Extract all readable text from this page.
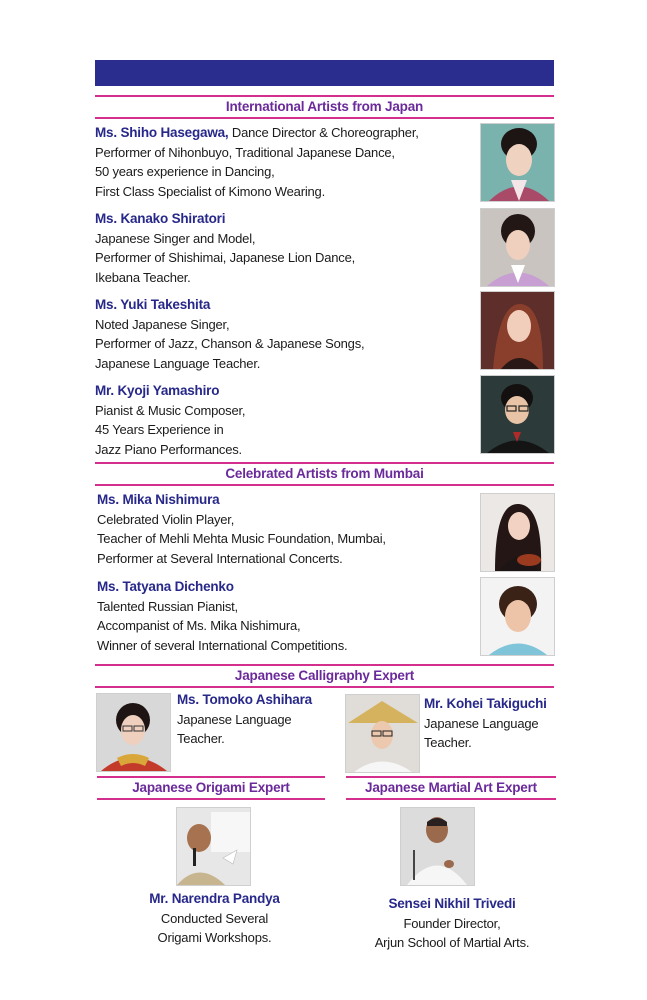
International Artists from Japan
Ms. Shiho Hasegawa, Dance Director & Choreographer,
Performer of Nihonbuyo, Traditional Japanese Dance,
50 years experience in Dancing,
First Class Specialist of Kimono Wearing.
Ms. Kanako Shiratori
Japanese Singer and Model,
Performer of Shishimai, Japanese Lion Dance,
Ikebana Teacher.
Ms. Yuki Takeshita
Noted Japanese Singer,
Performer of Jazz, Chanson & Japanese Songs,
Japanese Language Teacher.
Mr. Kyoji Yamashiro
Pianist & Music Composer,
45 Years Experience in
Jazz Piano Performances.
Celebrated Artists from Mumbai
Ms. Mika Nishimura
Celebrated Violin Player,
Teacher of Mehli Mehta Music Foundation, Mumbai,
Performer at Several International Concerts.
Ms. Tatyana Dichenko
Talented Russian Pianist,
Accompanist of Ms. Mika Nishimura,
Winner of several International Competitions.
Japanese Calligraphy Expert
Ms. Tomoko Ashihara
Japanese Language
Teacher.
Mr. Kohei Takiguchi
Japanese Language
Teacher.
Japanese Origami Expert	Japanese Martial Art Expert
Mr. Narendra Pandya
Conducted Several
Origami Workshops.
Sensei Nikhil Trivedi
Founder Director,
Arjun School of Martial Arts.
